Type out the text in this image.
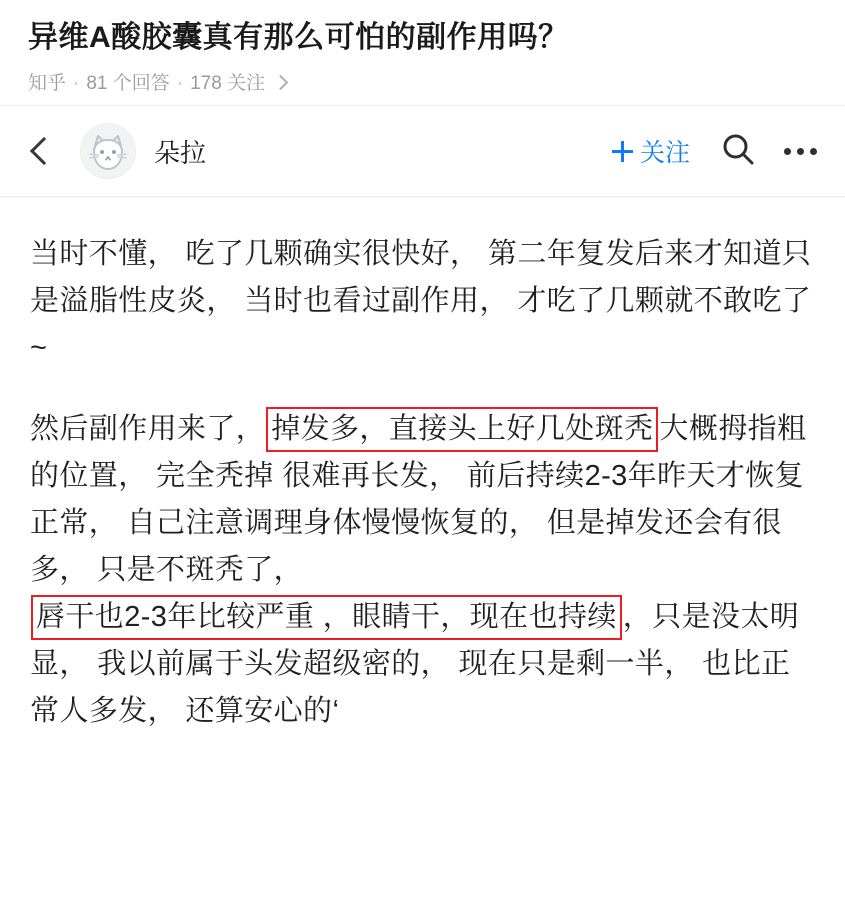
异维A酸胶囊真有那么可怕的副作用吗？
知乎 · 81 个回答 · 178 关注
朵拉	关注

当时不懂， 吃了几颗确实很快好， 第二年复发后来才知道只是溢脂性皮炎， 当时也看过副作用， 才吃了几颗就不敢吃了 ~

然后副作用来了， 掉发多，直接头上好几处斑秃 大概拇指粗的位置， 完全秃掉 很难再长发， 前后持续2-3年昨天才恢复正常， 自己注意调理身体慢慢恢复的， 但是掉发还会有很多， 只是不斑秃了，唇干也2-3年比较严重 ，眼睛干，现在也持续 ，只是没太明显， 我以前属于头发超级密的， 现在只是剩一半， 也比正常人多发， 还算安心的‘
